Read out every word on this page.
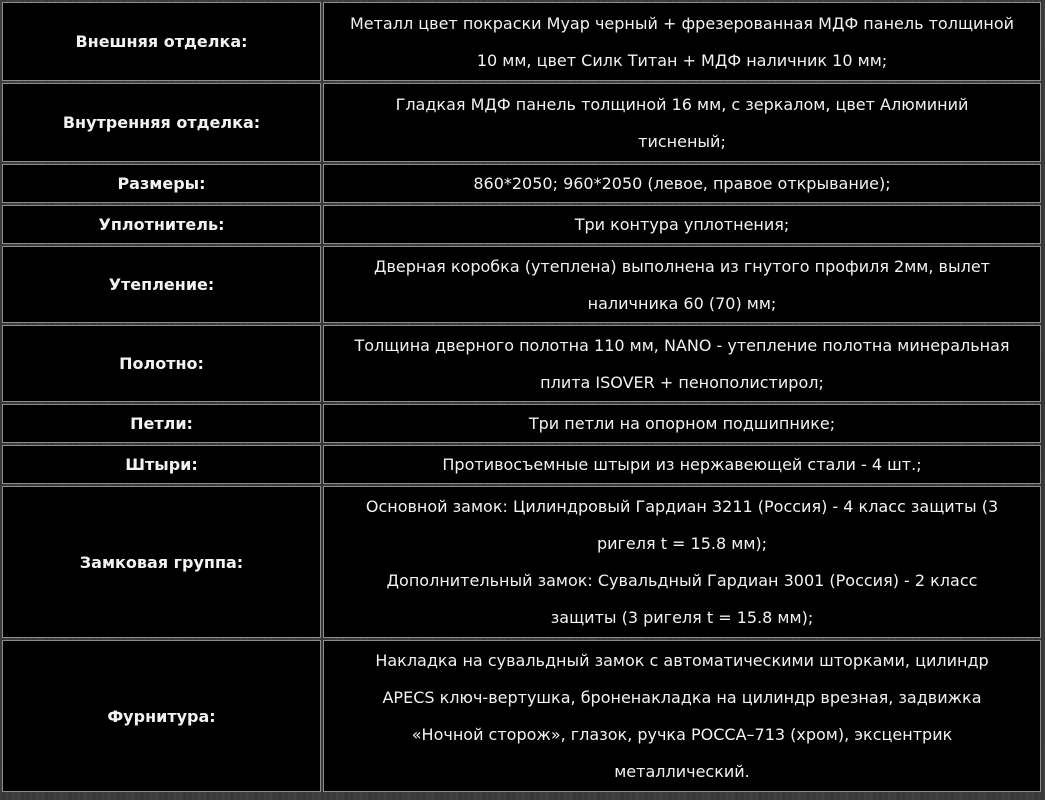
Внешняя отделка:	Металл цвет покраски Муар черный + фрезерованная МДФ панель толщиной
10 мм, цвет Силк Титан + МДФ наличник 10 мм;

Внутренняя отделка:	Гладкая МДФ панель толщиной 16 мм, с зеркалом, цвет Алюминий
тисненый;

Размеры:	860*2050; 960*2050 (левое, правое открывание);

Уплотнитель:	Три контура уплотнения;

Утепление:	Дверная коробка (утеплена) выполнена из гнутого профиля 2мм, вылет
наличника 60 (70) мм;

Полотно:	Толщина дверного полотна 110 мм, NANO - утепление полотна минеральная
плита ISOVER + пенополистирол;

Петли:	Три петли на опорном подшипнике;

Штыри:	Противосъемные штыри из нержавеющей стали - 4 шт.;

Замковая группа:	Основной замок: Цилиндровый Гардиан 3211 (Россия) - 4 класс защиты (3
ригеля t = 15.8 мм);
Дополнительный замок: Сувальдный Гардиан 3001 (Россия) - 2 класс
защиты (3 ригеля t = 15.8 мм);

Фурнитура:	Накладка на сувальдный замок с автоматическими шторками, цилиндр
APECS ключ-вертушка, броненакладка на цилиндр врезная, задвижка
«Ночной сторож», глазок, ручка РОССА–713 (хром), эксцентрик
металлический.
